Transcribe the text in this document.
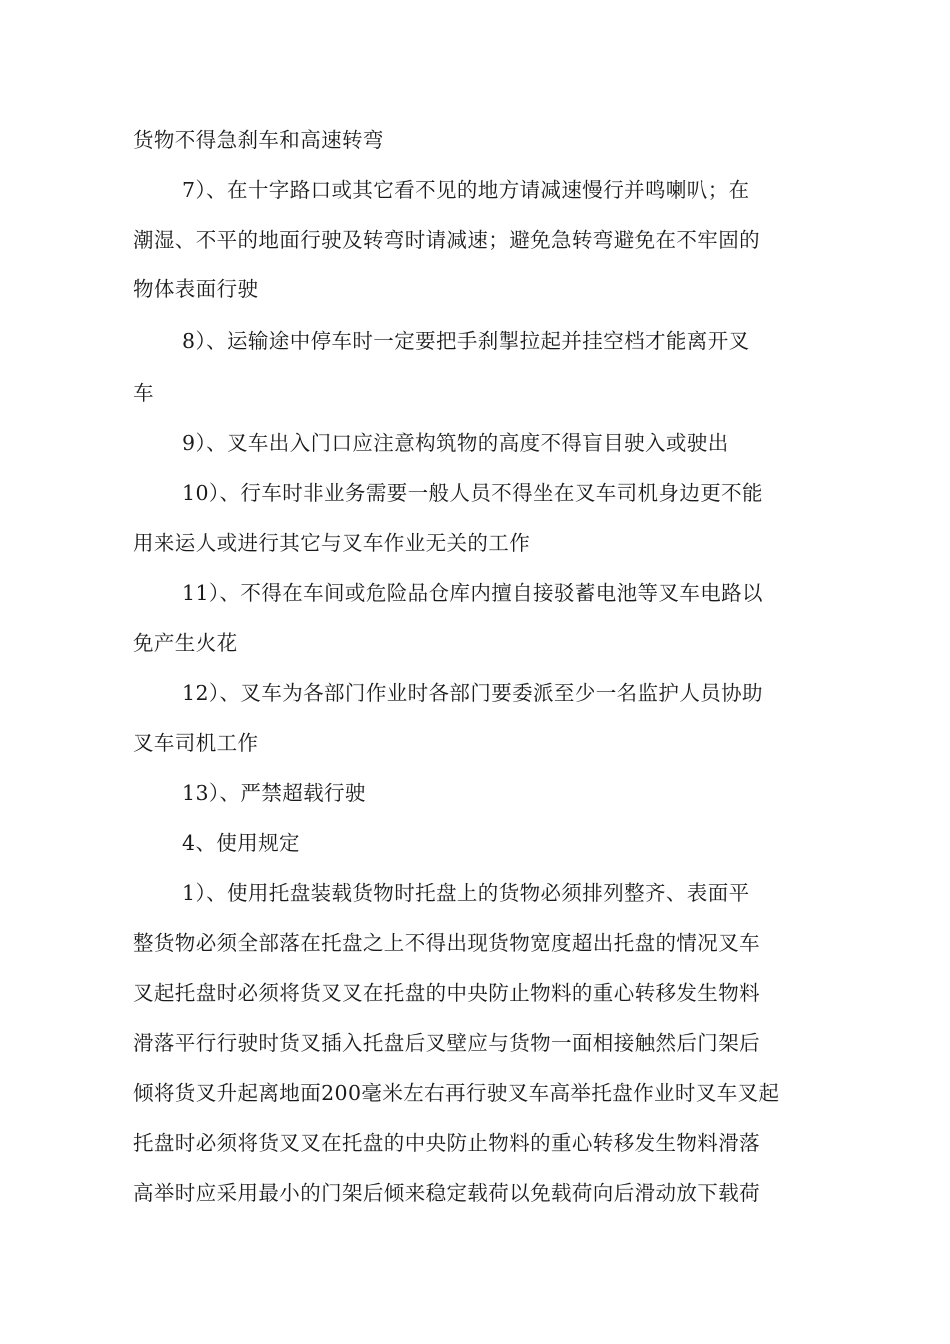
货物不得急刹车和高速转弯
7）、在十字路口或其它看不见的地方请减速慢行并鸣喇叭；在
潮湿、不平的地面行驶及转弯时请减速；避免急转弯避免在不牢固的
物体表面行驶
8）、运输途中停车时一定要把手刹掣拉起并挂空档才能离开叉
车
9）、叉车出入门口应注意构筑物的高度不得盲目驶入或驶出
10）、行车时非业务需要一般人员不得坐在叉车司机身边更不能
用来运人或进行其它与叉车作业无关的工作
11）、不得在车间或危险品仓库内擅自接驳蓄电池等叉车电路以
免产生火花
12）、叉车为各部门作业时各部门要委派至少一名监护人员协助
叉车司机工作
13）、严禁超载行驶
4、使用规定
1）、使用托盘装载货物时托盘上的货物必须排列整齐、表面平
整货物必须全部落在托盘之上不得出现货物宽度超出托盘的情况叉车
叉起托盘时必须将货叉叉在托盘的中央防止物料的重心转移发生物料
滑落平行行驶时货叉插入托盘后叉壁应与货物一面相接触然后门架后
倾将货叉升起离地面200毫米左右再行驶叉车高举托盘作业时叉车叉起
托盘时必须将货叉叉在托盘的中央防止物料的重心转移发生物料滑落
高举时应采用最小的门架后倾来稳定载荷以免载荷向后滑动放下载荷
